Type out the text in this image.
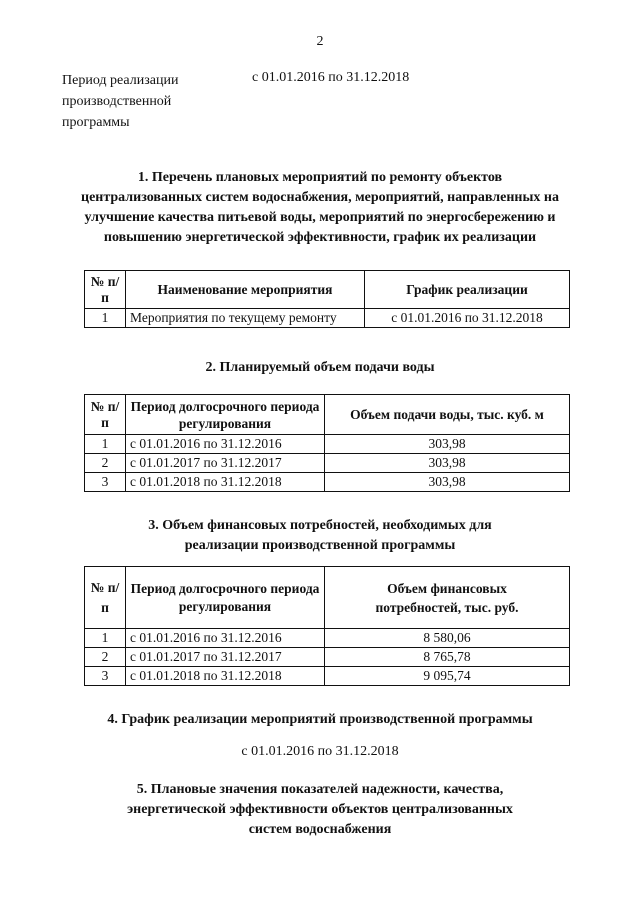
2
Период реализации
производственной
программы
с 01.01.2016 по 31.12.2018
1. Перечень плановых мероприятий по ремонту объектов
централизованных систем водоснабжения, мероприятий, направленных на
улучшение качества питьевой воды, мероприятий по энергосбережению и
повышению энергетической эффективности, график их реализации
№ п/п	Наименование мероприятия	График реализации
1	Мероприятия по текущему ремонту	с 01.01.2016 по 31.12.2018
2. Планируемый объем подачи воды
№ п/п	Период долгосрочного периода регулирования	Объем подачи воды, тыс. куб. м
1	с 01.01.2016 по 31.12.2016	303,98
2	с 01.01.2017 по 31.12.2017	303,98
3	с 01.01.2018 по 31.12.2018	303,98
3. Объем финансовых потребностей, необходимых для
реализации производственной программы
№ п/п	Период долгосрочного периода регулирования	Объем финансовых потребностей, тыс. руб.
1	с 01.01.2016 по 31.12.2016	8 580,06
2	с 01.01.2017 по 31.12.2017	8 765,78
3	с 01.01.2018 по 31.12.2018	9 095,74
4. График реализации мероприятий производственной программы
с 01.01.2016 по 31.12.2018
5. Плановые значения показателей надежности, качества,
энергетической эффективности объектов централизованных
систем водоснабжения
